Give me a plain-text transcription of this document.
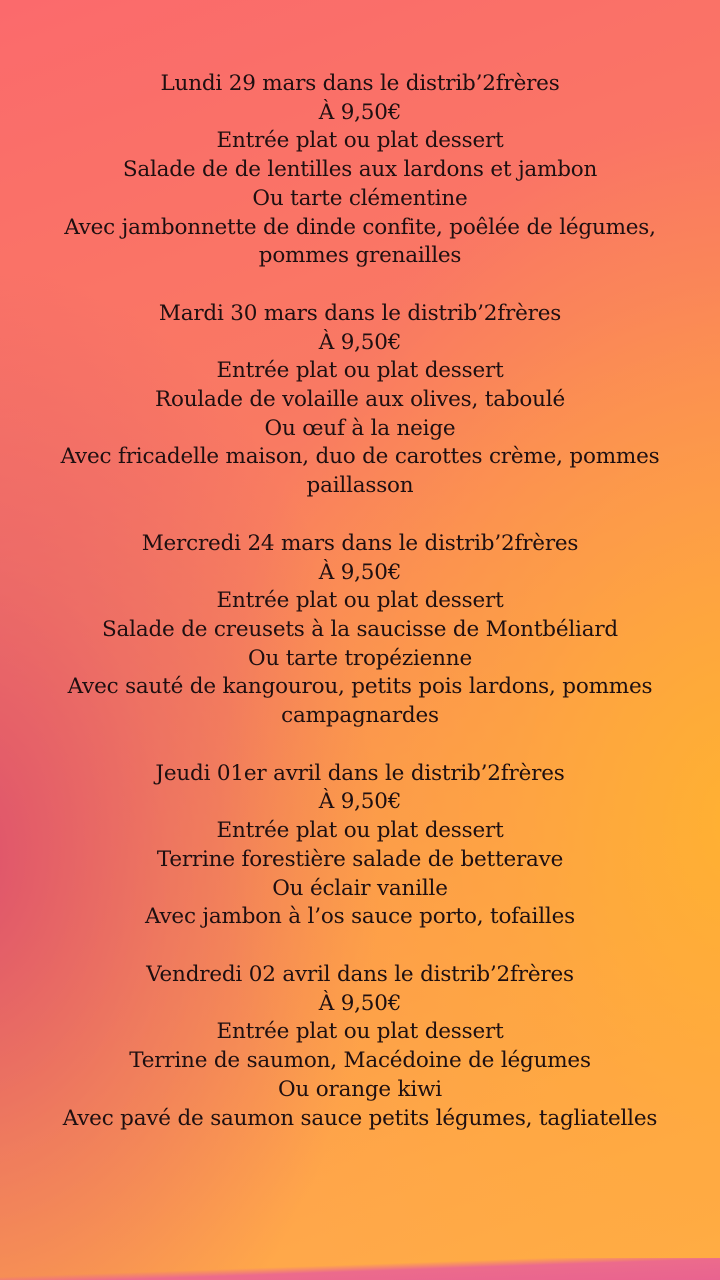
Lundi 29 mars dans le distrib’2frères
À 9,50€
Entrée plat ou plat dessert
Salade de de lentilles aux lardons et jambon
Ou tarte clémentine
Avec jambonnette de dinde confite, poêlée de légumes, pommes grenailles
Mardi 30 mars dans le distrib’2frères
À 9,50€
Entrée plat ou plat dessert
Roulade de volaille aux olives, taboulé
Ou œuf à la neige
Avec fricadelle maison, duo de carottes crème, pommes paillasson
Mercredi 24 mars dans le distrib’2frères
À 9,50€
Entrée plat ou plat dessert
Salade de creusets à la saucisse de Montbéliard
Ou tarte tropézienne
Avec sauté de kangourou, petits pois lardons, pommes campagnardes
Jeudi 01er avril dans le distrib’2frères
À 9,50€
Entrée plat ou plat dessert
Terrine forestière salade de betterave
Ou éclair vanille
Avec jambon à l’os sauce porto, tofailles
Vendredi 02 avril dans le distrib’2frères
À 9,50€
Entrée plat ou plat dessert
Terrine de saumon, Macédoine de légumes
Ou orange kiwi
Avec pavé de saumon sauce petits légumes, tagliatelles
